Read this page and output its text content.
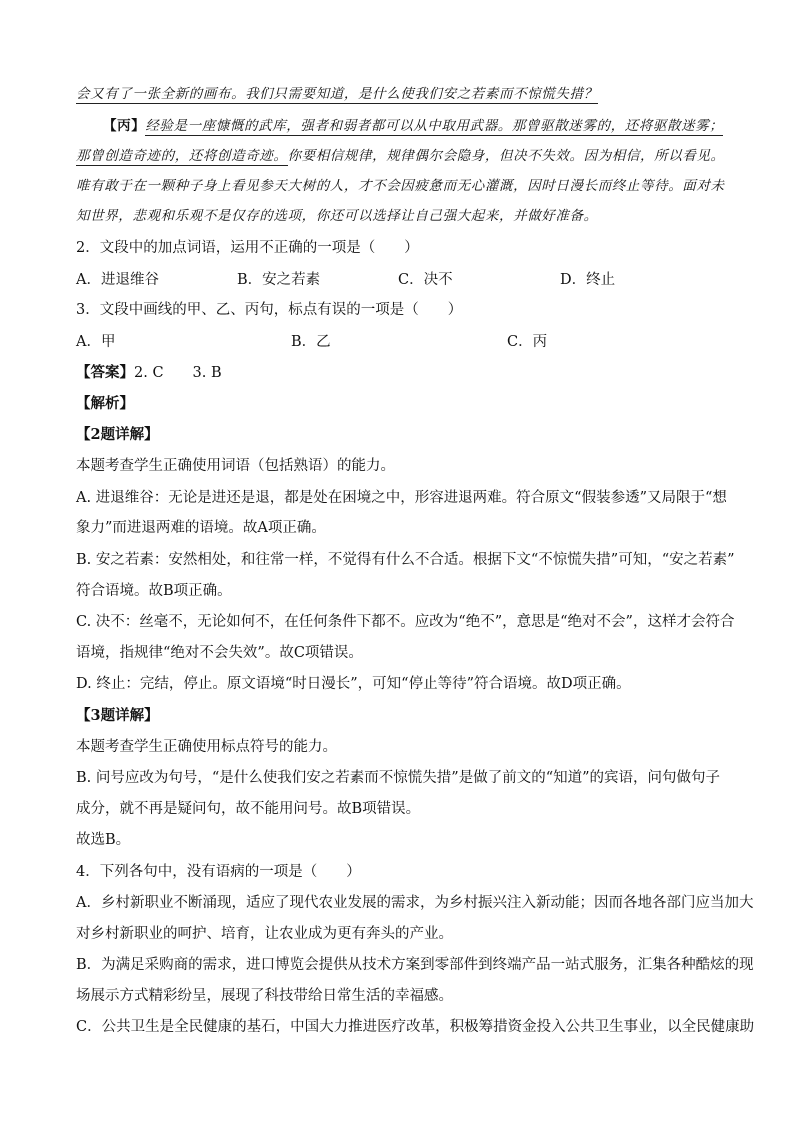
会又有了一张全新的画布。我们只需要知道，是什么使我们安之若素而不惊慌失措？
【丙】经验是一座慷慨的武库，强者和弱者都可以从中取用武器。那曾驱散迷雾的，还将驱散迷雾；
那曾创造奇迹的，还将创造奇迹。你要相信规律，规律偶尔会隐身，但决不失效。因为相信，所以看见。
唯有敢于在一颗种子身上看见参天大树的人，才不会因疲惫而无心灌溉，因时日漫长而终止等待。面对未
知世界，悲观和乐观不是仅存的选项，你还可以选择让自己强大起来，并做好准备。
2．文段中的加点词语，运用不正确的一项是（　　）
A．进退维谷	B．安之若素	C．决不	D．终止
3．文段中画线的甲、乙、丙句，标点有误的一项是（　　）
A．甲	B．乙	C．丙
【答案】2. C　　3. B
【解析】
【2题详解】
本题考查学生正确使用词语（包括熟语）的能力。
A. 进退维谷：无论是进还是退，都是处在困境之中，形容进退两难。符合原文“假装参透”又局限于“想
象力”而进退两难的语境。故A项正确。
B. 安之若素：安然相处，和往常一样，不觉得有什么不合适。根据下文“不惊慌失措”可知，“安之若素”
符合语境。故B项正确。
C. 决不：丝毫不，无论如何不，在任何条件下都不。应改为“绝不”，意思是“绝对不会”，这样才会符合
语境，指规律“绝对不会失效”。故C项错误。
D. 终止：完结，停止。原文语境“时日漫长”，可知“停止等待”符合语境。故D项正确。
【3题详解】
本题考查学生正确使用标点符号的能力。
B. 问号应改为句号，“是什么使我们安之若素而不惊慌失措”是做了前文的“知道”的宾语，问句做句子
成分，就不再是疑问句，故不能用问号。故B项错误。
故选B。
4．下列各句中，没有语病的一项是（　　）
A．乡村新职业不断涌现，适应了现代农业发展的需求，为乡村振兴注入新动能；因而各地各部门应当加大
对乡村新职业的呵护、培育，让农业成为更有奔头的产业。
B．为满足采购商的需求，进口博览会提供从技术方案到零部件到终端产品一站式服务，汇集各种酷炫的现
场展示方式精彩纷呈，展现了科技带给日常生活的幸福感。
C．公共卫生是全民健康的基石，中国大力推进医疗改革，积极筹措资金投入公共卫生事业，以全民健康助
